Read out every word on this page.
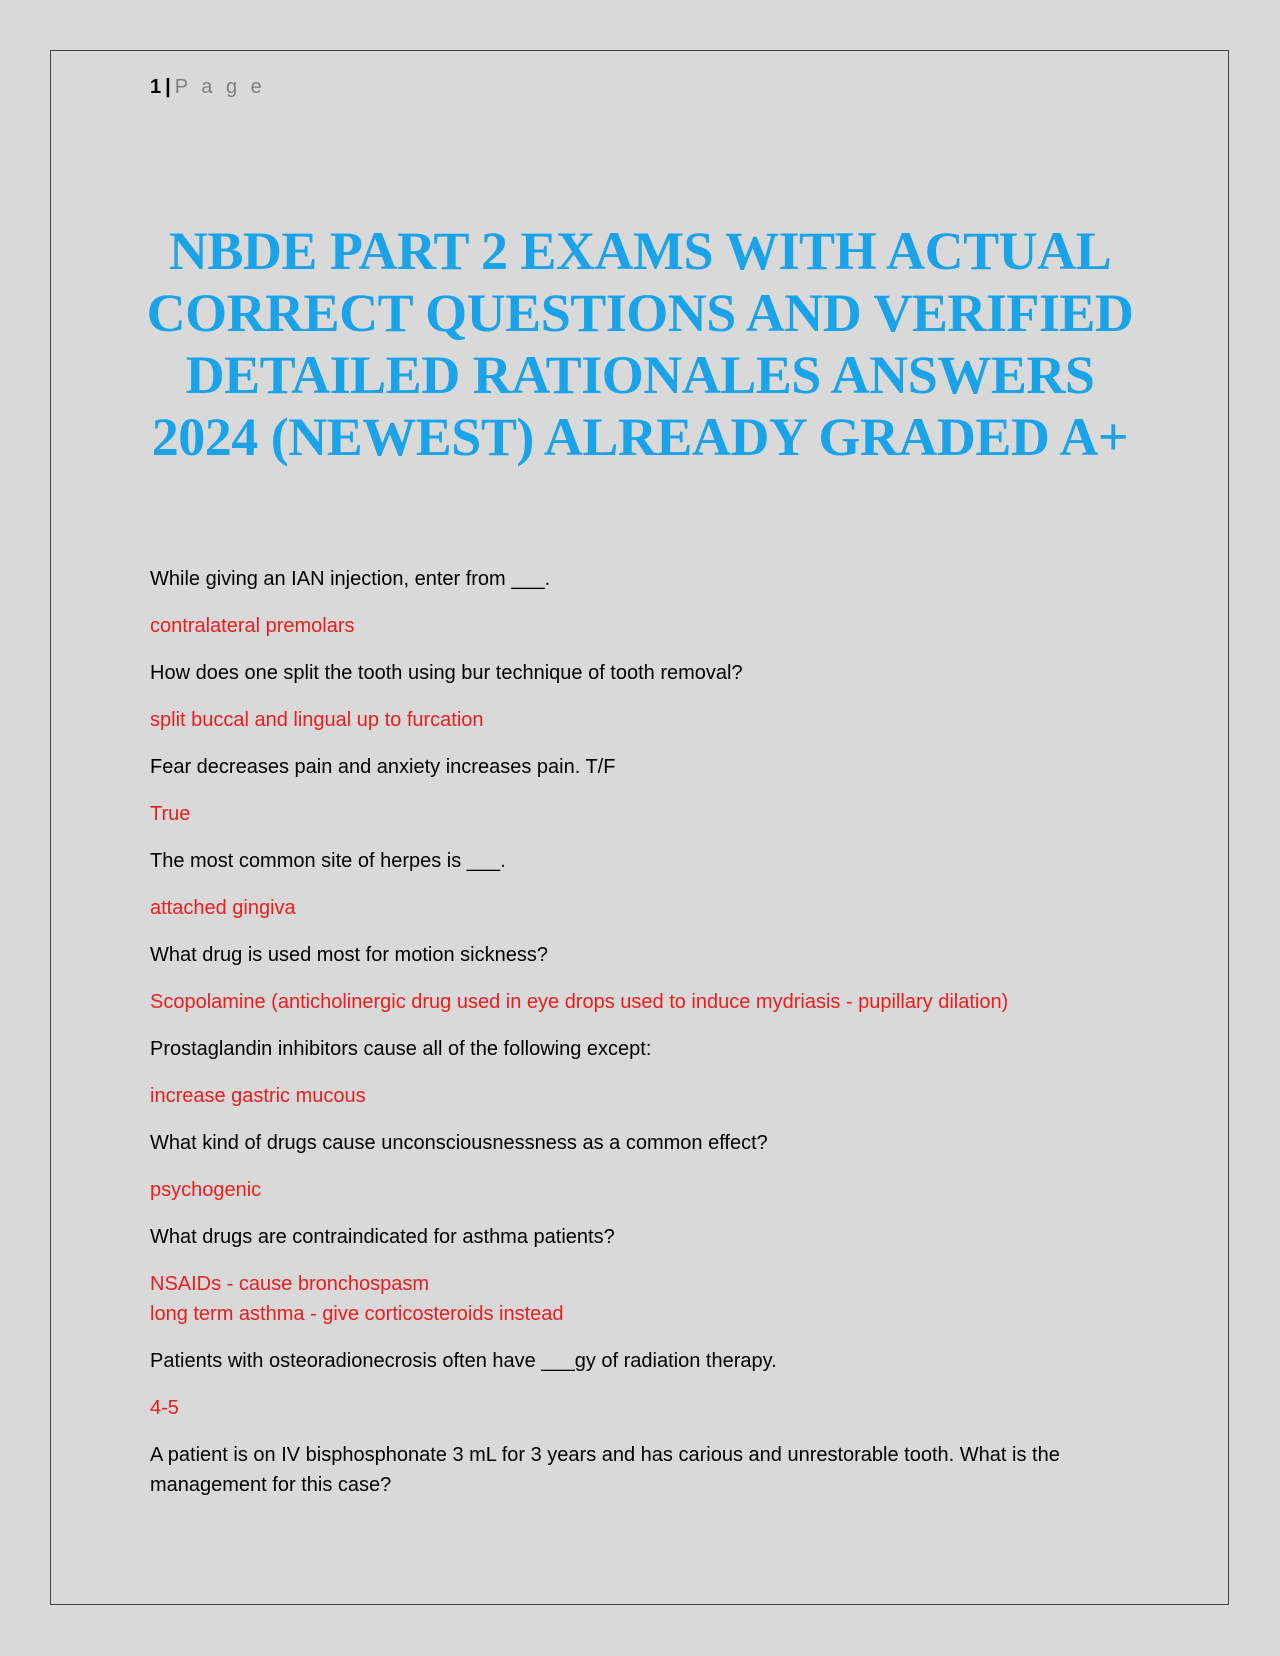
1 | P a g e
NBDE PART 2 EXAMS WITH ACTUAL CORRECT QUESTIONS AND VERIFIED DETAILED RATIONALES ANSWERS 2024 (NEWEST) ALREADY GRADED A+
While giving an IAN injection, enter from ___.
contralateral premolars
How does one split the tooth using bur technique of tooth removal?
split buccal and lingual up to furcation
Fear decreases pain and anxiety increases pain. T/F
True
The most common site of herpes is ___.
attached gingiva
What drug is used most for motion sickness?
Scopolamine (anticholinergic drug used in eye drops used to induce mydriasis - pupillary dilation)
Prostaglandin inhibitors cause all of the following except:
increase gastric mucous
What kind of drugs cause unconsciousnessness as a common effect?
psychogenic
What drugs are contraindicated for asthma patients?
NSAIDs - cause bronchospasm
long term asthma - give corticosteroids instead
Patients with osteoradionecrosis often have ___gy of radiation therapy.
4-5
A patient is on IV bisphosphonate 3 mL for 3 years and has carious and unrestorable tooth. What is the management for this case?
